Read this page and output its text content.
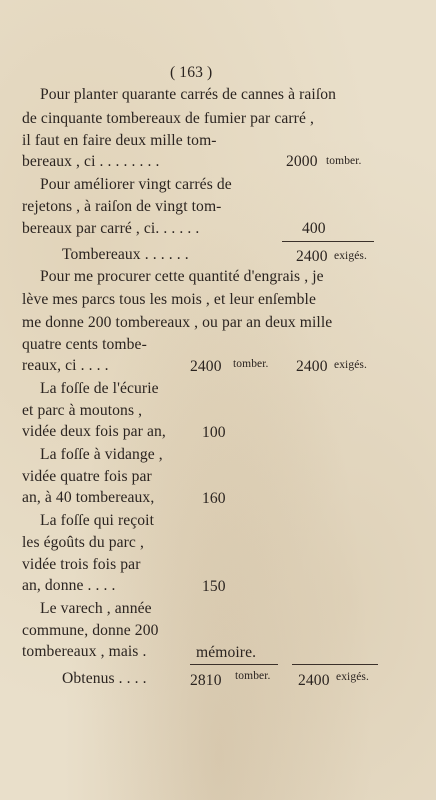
( 163 )
Pour planter quarante carrés de cannes à raiſon
de cinquante tombereaux de fumier par carré ,
il faut en faire deux mille tom-
bereaux , ci . . . . . . . .	2000 tomber.
Pour améliorer vingt carrés de
rejetons , à raiſon de vingt tom-
bereaux par carré , ci. . . . . .	400
Tombereaux . . . . . .	2400 exigés.
Pour me procurer cette quantité d'engrais , je
lève mes parcs tous les mois , et leur enſemble
me donne 200 tombereaux , ou par an deux mille
quatre cents tombe-
reaux, ci . . . .	2400 tomber. 2400 exigés.
La foſſe de l'écurie
et parc à moutons ,
vidée deux fois par an, 100
La foſſe à vidange ,
vidée quatre fois par
an, à 40 tombereaux,	160
La foſſe qui reçoit
les égoûts du parc ,
vidée trois fois par
an, donne . . . .	150
Le varech , année
commune, donne 200
tombereaux , mais .	mémoire.
Obtenus . . . .	2810 tomber. 2400 exigés.
